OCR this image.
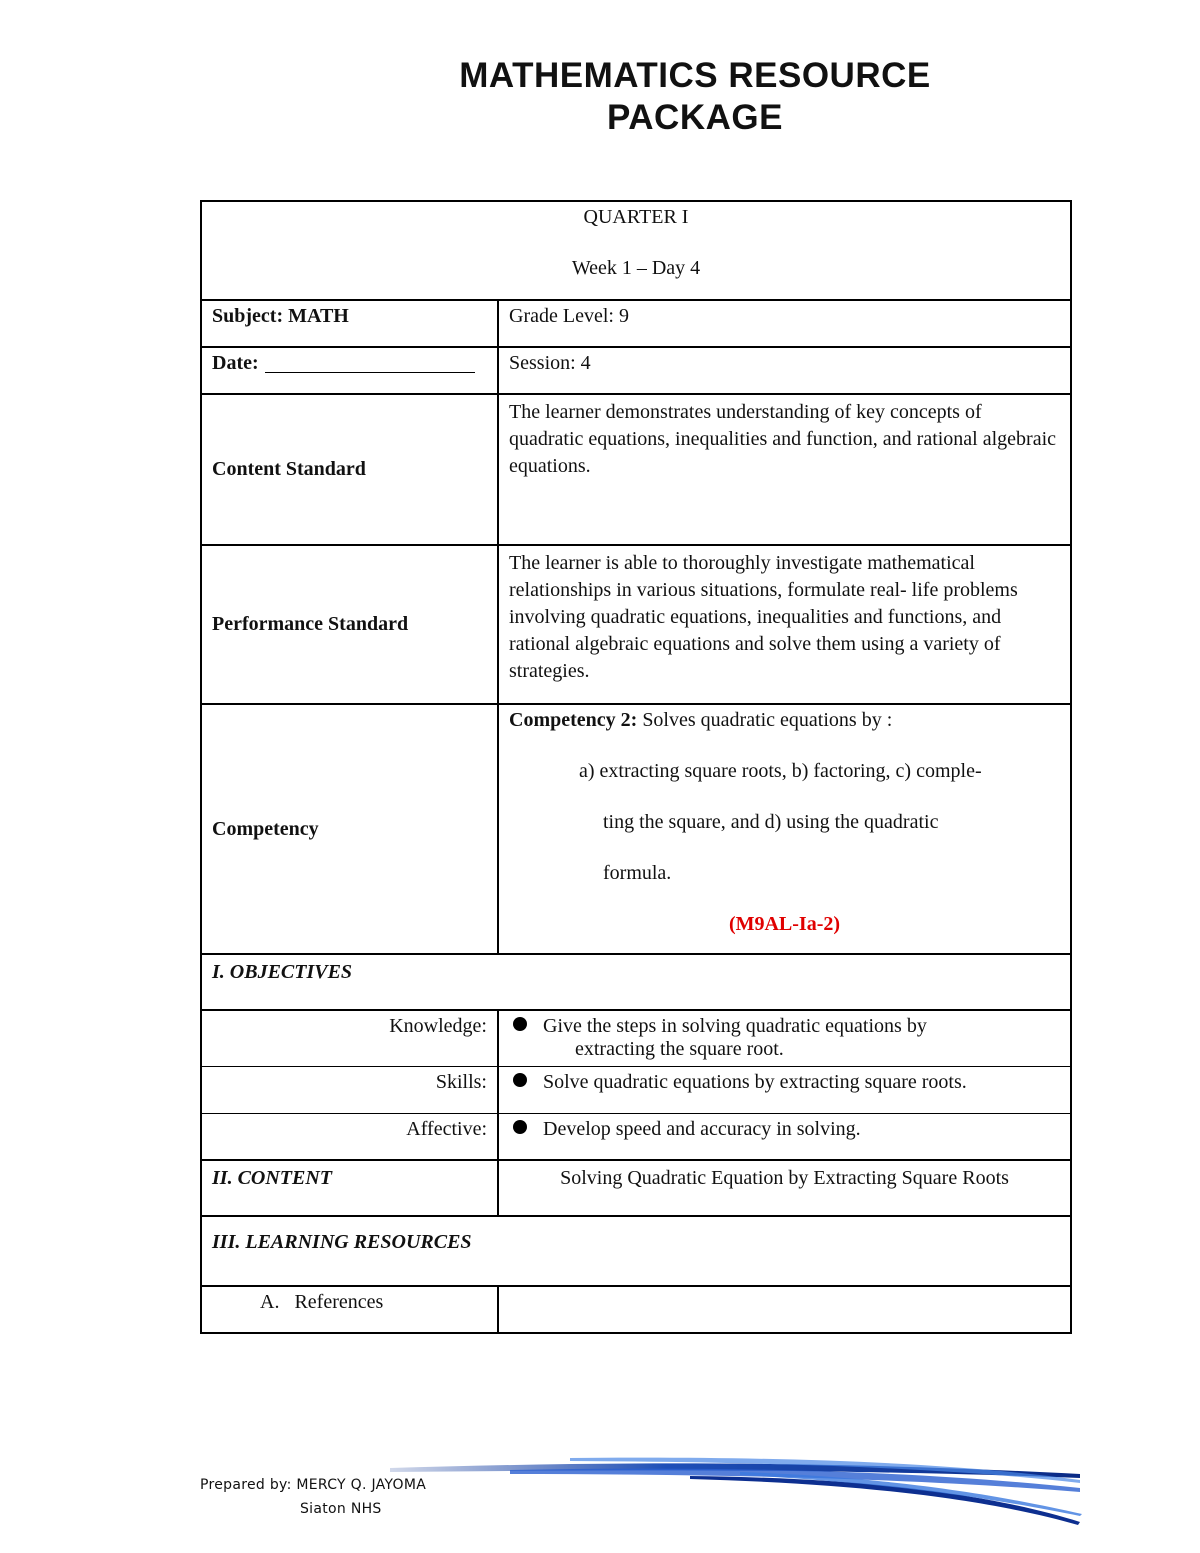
MATHEMATICS RESOURCE
PACKAGE
QUARTER I
Week 1 – Day 4	

Subject: MATH	Grade Level: 9
Date:	Session: 4
Content Standard	The learner demonstrates understanding of key concepts of quadratic equations, inequalities and function, and rational algebraic equations.
Performance Standard	The learner is able to thoroughly investigate mathematical relationships in various situations, formulate real- life problems involving quadratic equations, inequalities and functions, and rational algebraic equations and solve them using a variety of strategies.
Competency	Competency 2: Solves quadratic equations by :
a) extracting square roots, b) factoring, c) comple-
ting the square, and d) using the quadratic
formula.
(M9AL-Ia-2)

I. OBJECTIVES	
Knowledge:	Give the steps in solving quadratic equations by
extracting the square root.

Skills:	Solve quadratic equations by extracting square roots.
Affective:	Develop speed and accuracy in solving.
II. CONTENT	Solving Quadratic Equation by Extracting Square Roots
III. LEARNING RESOURCES	
A.   References	
Prepared by: MERCY Q. JAYOMA
Siaton NHS
